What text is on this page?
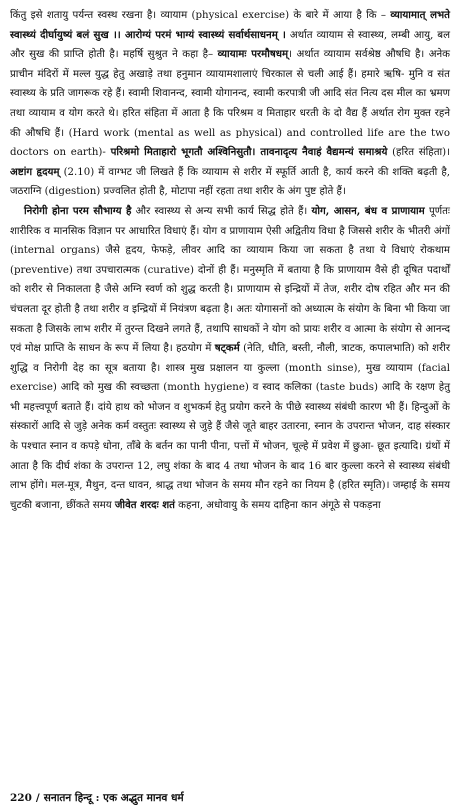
किंतु इसे शतायु पर्यन्त स्वस्थ रखना है। व्यायाम (physical exercise) के बारे में आया है कि – व्यायामात् लभते स्वास्थ्यं दीर्घायुष्यं बलं सुख ।। आरोग्यं परमं भाग्यं स्वास्थ्यं सर्वार्थसाधनम् । अर्थात व्यायाम से स्वास्थ्य, लम्बी आयु, बल और सुख की प्राप्ति होती है। महर्षि सुश्रुत ने कहा है– व्यायामः परमौषधम्। अर्थात व्यायाम सर्वश्रेष्ठ औषधि है। अनेक प्राचीन मंदिरों में मल्ल युद्ध हेतु अखाड़े तथा हनुमान व्यायामशालाएं चिरकाल से चली आई हैं। हमारे ऋषि- मुनि व संत स्वास्थ्य के प्रति जागरूक रहे हैं। स्वामी शिवानन्द, स्वामी योगानन्द, स्वामी करपात्री जी आदि संत नित्य दस मील का भ्रमण तथा व्यायाम व योग करते थे। हरित संहिता में आता है कि परिश्रम व मिताहार धरती के दो वैद्य हैं अर्थात रोग मुक्त रहने की औषधि हैं। (Hard work (mental as well as physical) and controlled life are the two doctors on earth)- परिश्रमो मिताहारो भूगतौ अश्विनिसुतौ। तावनादृत्य नैवाहं वैद्यमन्यं समाश्रये (हरित संहिता)। अष्टांग हृदयम् (2.10) में वाग्भट जी लिखते हैं कि व्यायाम से शरीर में स्फूर्ति आती है, कार्य करने की शक्ति बढ़ती है, जठराग्नि (digestion) प्रज्वलित होती है, मोटापा नहीं रहता तथा शरीर के अंग पुष्ट होते हैं।

निरोगी होना परम सौभाग्य है और स्वास्थ्य से अन्य सभी कार्य सिद्ध होते हैं। योग, आसन, बंध व प्राणायाम पूर्णतः शारीरिक व मानसिक विज्ञान पर आधारित विधाएं हैं। योग व प्राणायाम ऐसी अद्वितीय विधा है जिससे शरीर के भीतरी अंगों (internal organs) जैसे हृदय, फेफड़े, लीवर आदि का व्यायाम किया जा सकता है तथा ये विधाएं रोकथाम (preventive) तथा उपचारात्मक (curative) दोनों ही हैं। मनुस्मृति में बताया है कि प्राणायाम वैसे ही दूषित पदार्थों को शरीर से निकालता है जैसे अग्नि स्वर्ण को शुद्ध करती है। प्राणायाम से इन्द्रियों में तेज, शरीर दोष रहित और मन की चंचलता दूर होती है तथा शरीर व इन्द्रियों में नियंत्रण बढ़ता है। अतः योगासनों को अध्यात्म के संयोग के बिना भी किया जा सकता है जिसके लाभ शरीर में तुरन्त दिखने लगते हैं, तथापि साधकों ने योग को प्रायः शरीर व आत्मा के संयोग से आनन्द एवं मोक्ष प्राप्ति के साधन के रूप में लिया है। हठयोग में षट्कर्म (नेति, धौति, बस्ती, नौली, त्राटक, कपालभाति) को शरीर शुद्धि व निरोगी देह का सूत्र बताया है। शास्त्र मुख प्रक्षालन या कुल्ला (month sinse), मुख व्यायाम (facial exercise) आदि को मुख की स्वच्छता (month hygiene) व स्वाद कलिका (taste buds) आदि के रक्षण हेतु भी महत्त्वपूर्ण बताते हैं। दांये हाथ को भोजन व शुभकर्म हेतु प्रयोग करने के पीछे स्वास्थ्य संबंधी कारण भी हैं। हिन्दुओं के संस्कारों आदि से जुड़े अनेक कर्म वस्तुतः स्वास्थ्य से जुड़े हैं जैसे जूते बाहर उतारना, स्नान के उपरान्त भोजन, दाह संस्कार के पश्चात स्नान व कपड़े धोना, ताँबे के बर्तन का पानी पीना, पत्तों में भोजन, चूल्हे में प्रवेश में छुआ- छूत इत्यादि। ग्रंथों में आता है कि दीर्घ शंका के उपरान्त 12, लघु शंका के बाद 4 तथा भोजन के बाद 16 बार कुल्ला करने से स्वास्थ्य संबंधी लाभ होंगे। मल-मूत्र, मैथुन, दन्त धावन, श्राद्ध तथा भोजन के समय मौन रहने का नियम है (हरित स्मृति)। जम्हाई के समय चुटकी बजाना, छींकते समय जीवेत शरदः शतं कहना, अधोवायु के समय दाहिना कान अंगूठे से पकड़ना

220 / सनातन हिन्दू : एक अद्भुत मानव धर्म
